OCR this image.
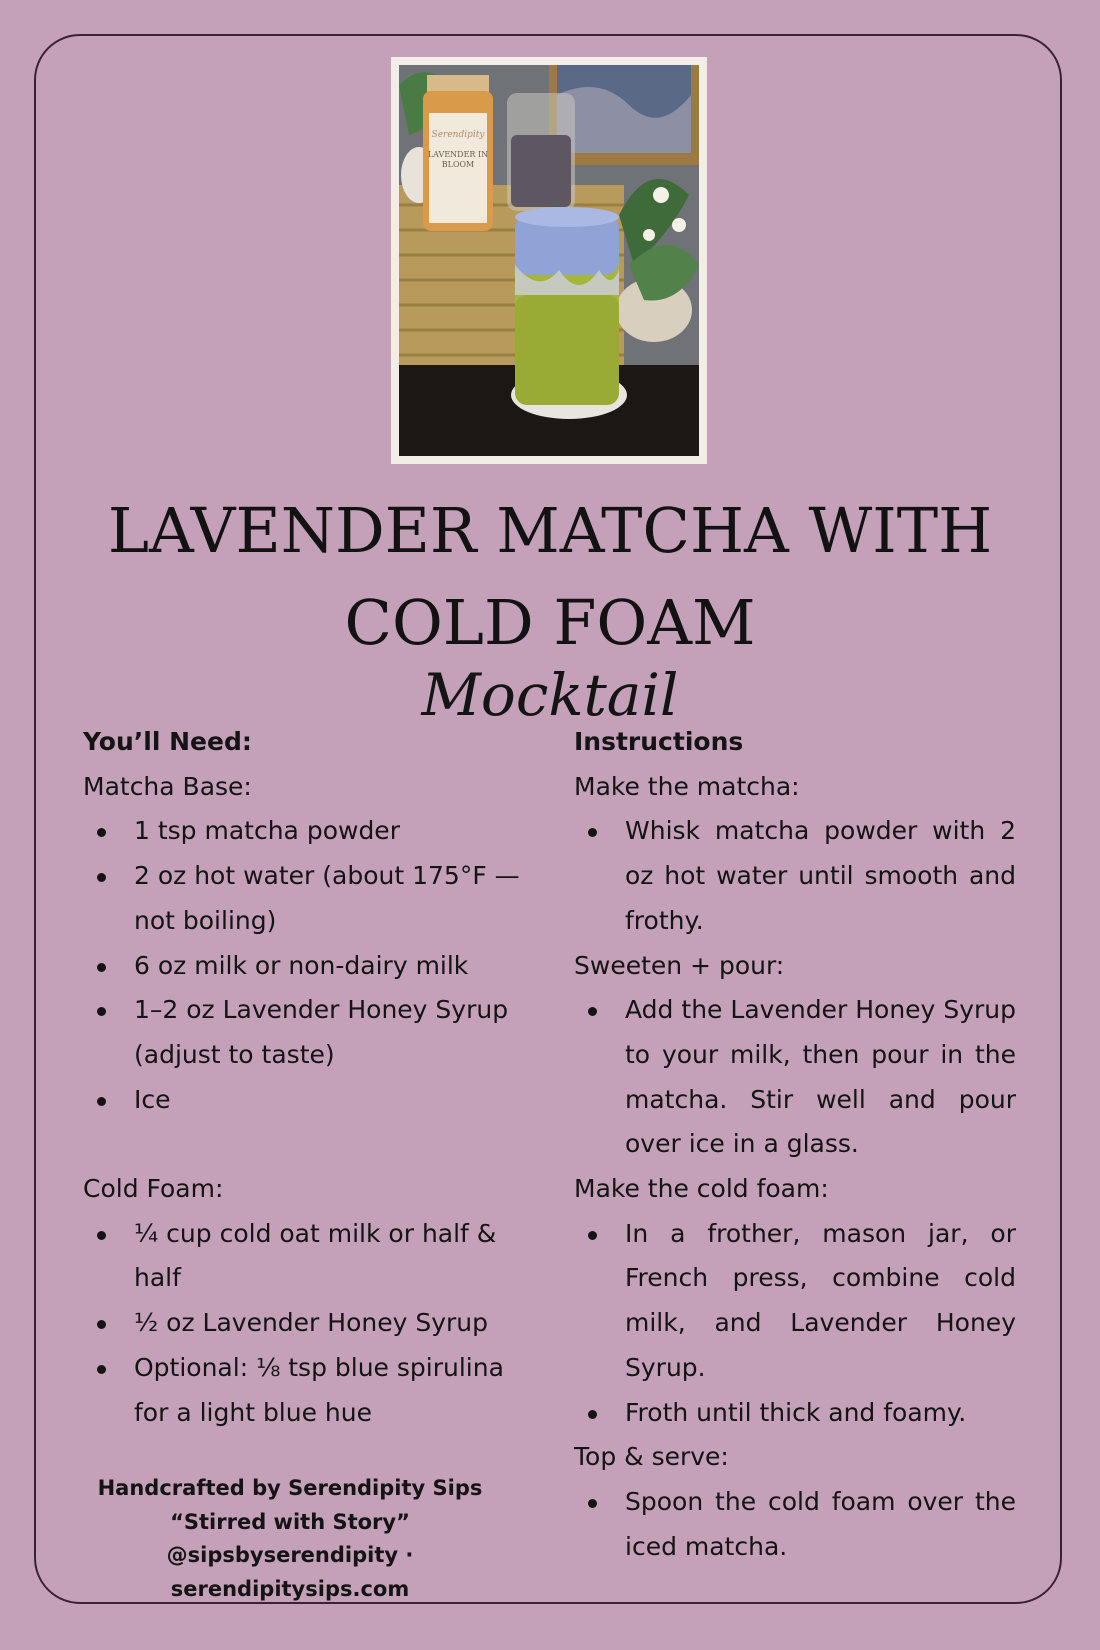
Serendipity
LAVENDER IN
BLOOM
LAVENDER MATCHA WITH COLD FOAM
Mocktail
You’ll Need:
Matcha Base:
1 tsp matcha powder
2 oz hot water (about 175°F — not boiling)
6 oz milk or non-dairy milk
1–2 oz Lavender Honey Syrup (adjust to taste)
Ice
Cold Foam:
¼ cup cold oat milk or half & half
½ oz Lavender Honey Syrup
Optional: ⅛ tsp blue spirulina for a light blue hue
Instructions
Make the matcha:
Whisk matcha powder with 2 oz hot water until smooth and frothy.
Sweeten + pour:
Add the Lavender Honey Syrup to your milk, then pour in the matcha. Stir well and pour over ice in a glass.
Make the cold foam:
In a frother, mason jar, or French press, combine cold milk, and Lavender Honey Syrup.
Froth until thick and foamy.
Top & serve:
Spoon the cold foam over the iced matcha.
Handcrafted by Serendipity Sips
“Stirred with Story”
@sipsbyserendipity · serendipitysips.com
